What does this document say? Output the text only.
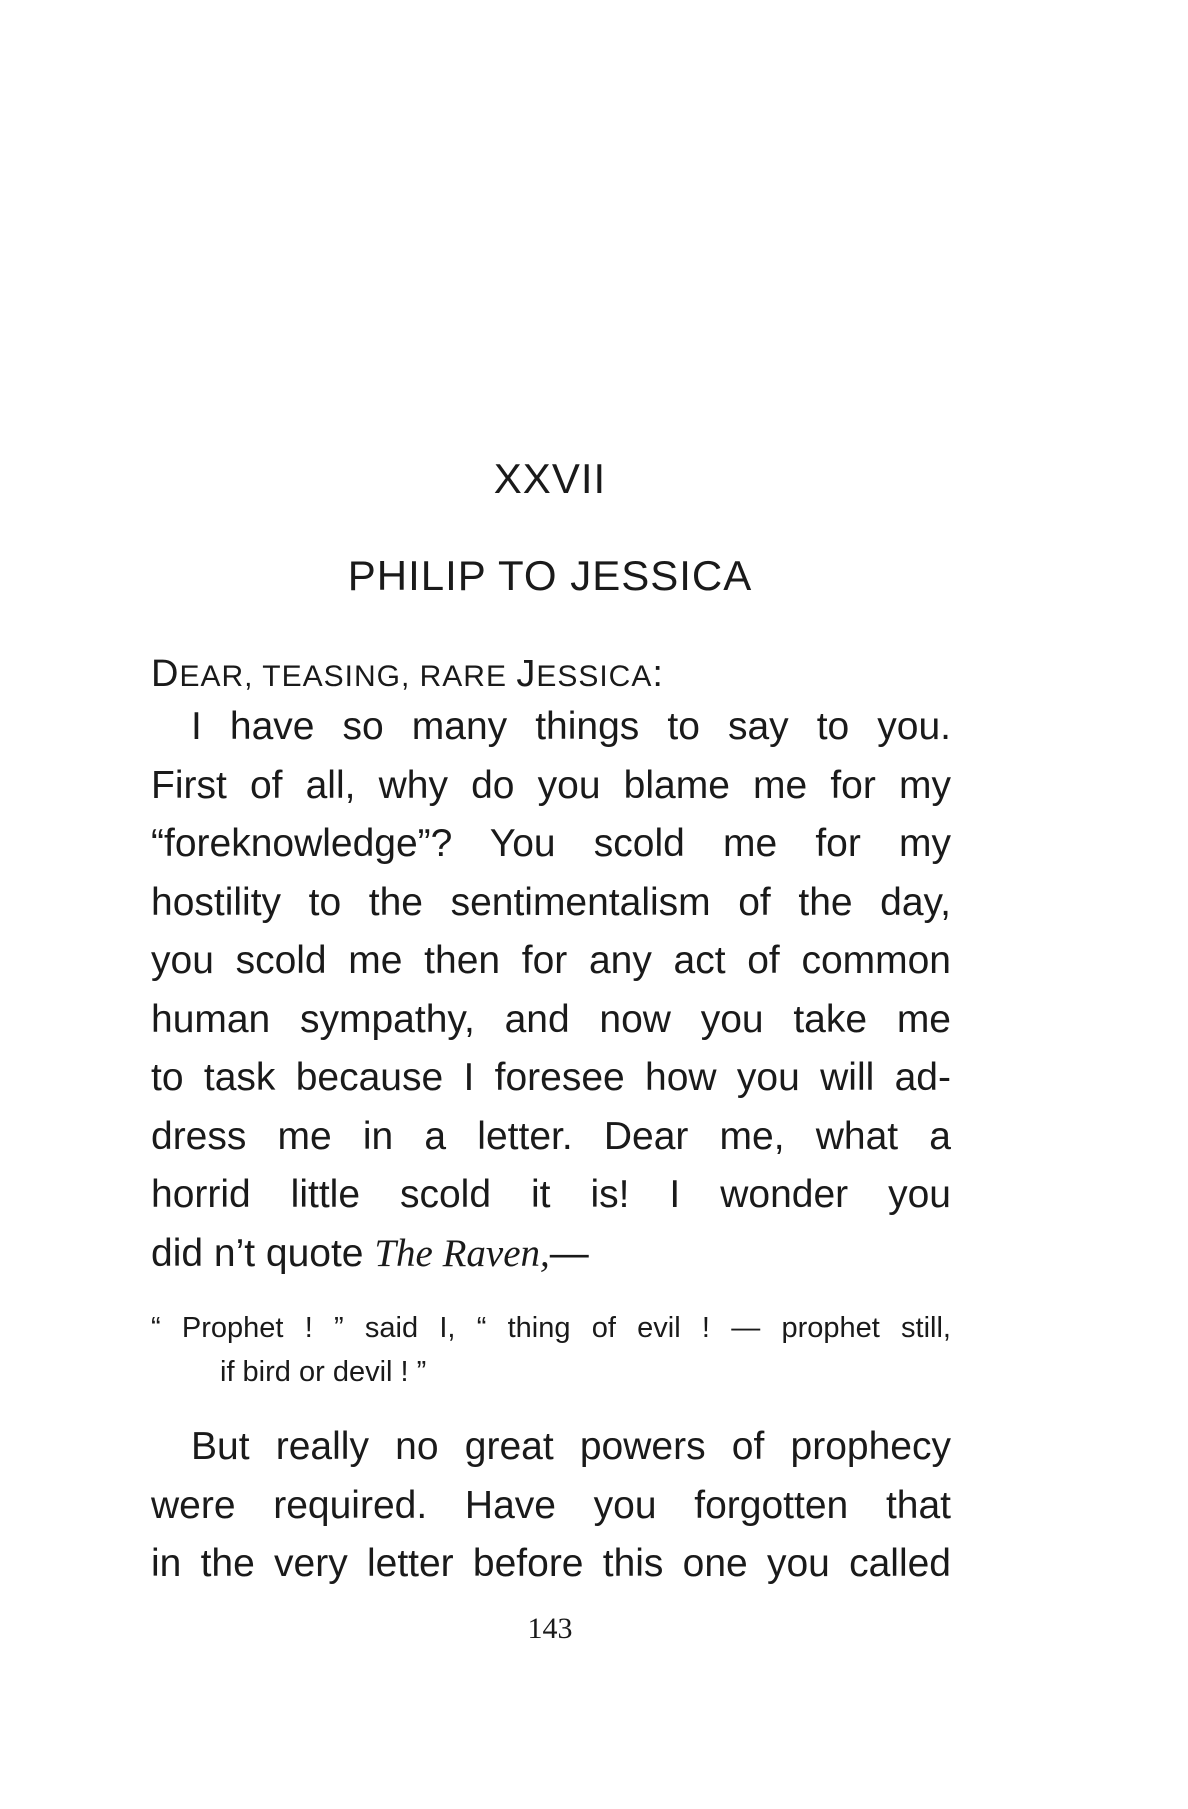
XXVII
PHILIP TO JESSICA
DEAR, TEASING, RARE JESSICA:
I have so many things to say to you.
First of all, why do you blame me for my
“foreknowledge”? You scold me for my
hostility to the sentimentalism of the day,
you scold me then for any act of common
human sympathy, and now you take me
to task because I foresee how you will ad-
dress me in a letter. Dear me, what a
horrid little scold it is! I wonder you
did n’t quote The Raven,—
“ Prophet ! ” said I, “ thing of evil ! — prophet still,
if bird or devil ! ”
But really no great powers of prophecy
were required. Have you forgotten that
in the very letter before this one you called
143
